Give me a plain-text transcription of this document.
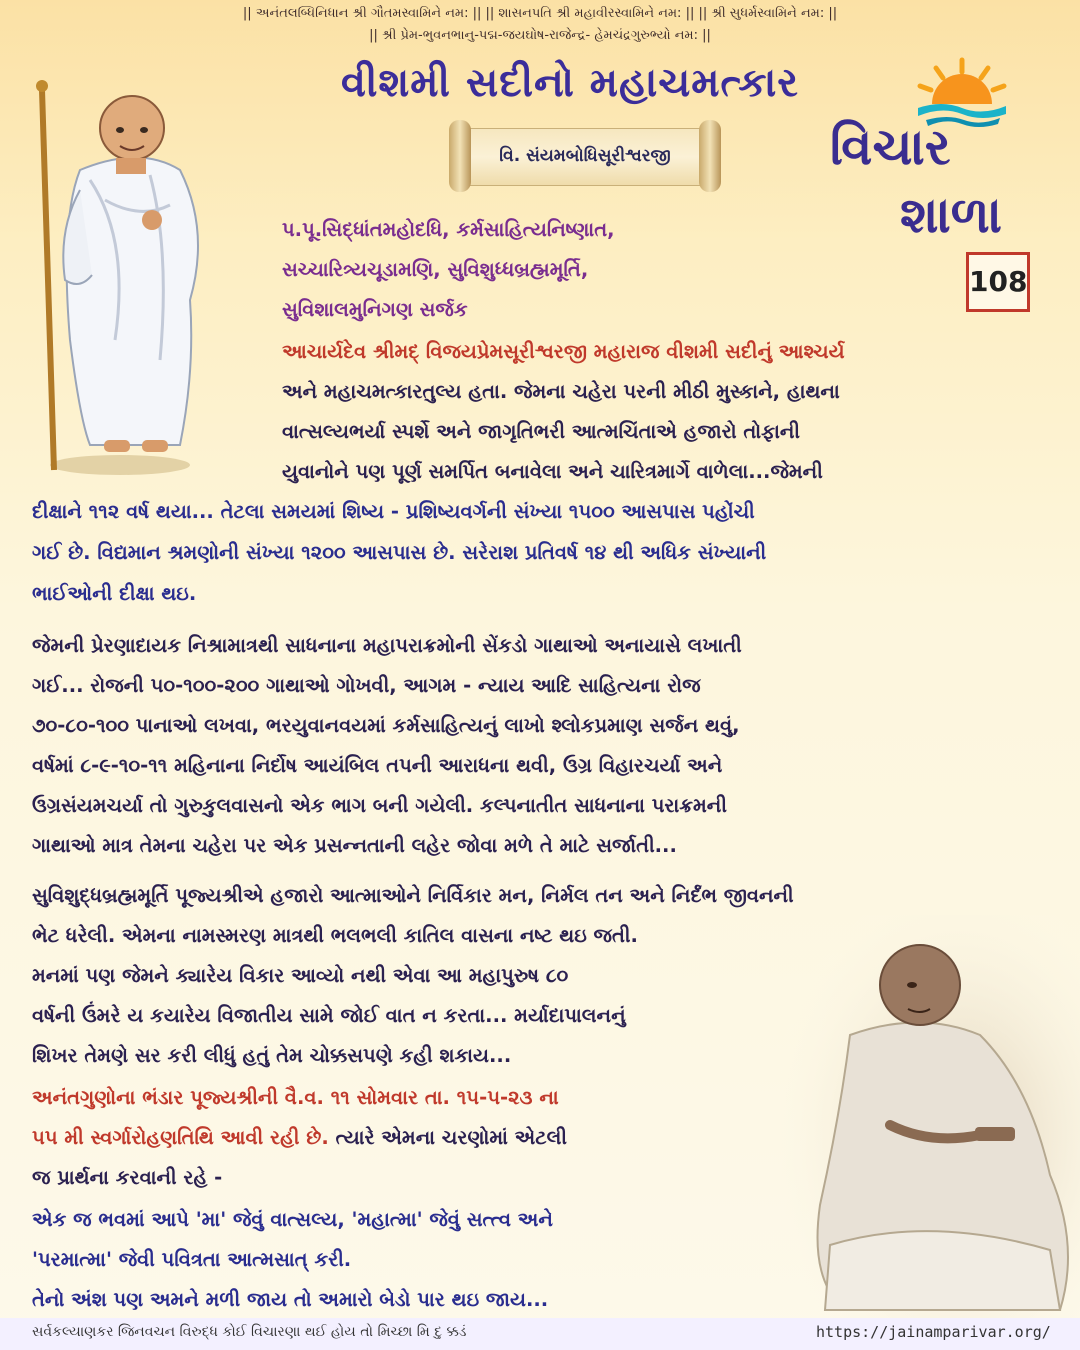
|| અનંતલબ્ધિનિધાન શ્રી ગૌતમસ્વામિને નમ: || || શાસનપતિ શ્રી મહાવીરસ્વામિને નમ: || || શ્રી સુધર્મસ્વામિને નમ: ||
|| શ્રી પ્રેમ-ભુવનભાનુ-પદ્મ-જયઘોષ-રાજેન્દ્ર- હેમચંદ્રગુરુભ્યો નમ: ||
વીશમી સદીનો મહાચમત્કાર
વિ. સંયમબોધિસૂરીશ્વરજી	વિચાર
શાળા
108
પ.પૂ.સિદ્ધાંતમહોદધિ, કર્મસાહિત્યનિષ્ણાત,
સચ્ચારિત્ર્યચૂડામણિ, સુવિશુધ્ધબ્રહ્મમૂર્તિ,
સુવિશાલમુનિગણ સર્જક
આચાર્યદેવ શ્રીમદ્ વિજયપ્રેમસૂરીશ્વરજી મહારાજ વીશમી સદીનું આશ્ચર્ય
અને મહાચમત્કારતુલ્ય હતા. જેમના ચહેરા પરની મીઠી મુસ્કાને, હાથના
વાત્સલ્યભર્યા સ્પર્શે અને જાગૃતિભરી આત્મચિંતાએ હજારો તોફાની
યુવાનોને પણ પૂર્ણ સમર્પિત બનાવેલા અને ચારિત્રમાર્ગે વાળેલા...જેમની
દીક્ષાને ૧૧૨ વર્ષ થયા... તેટલા સમયમાં શિષ્ય - પ્રશિષ્યવર્ગની સંખ્યા ૧૫૦૦ આસપાસ પહોંચી
ગઈ છે. વિદ્યમાન શ્રમણોની સંખ્યા ૧૨૦૦ આસપાસ છે. સરેરાશ પ્રતિવર્ષ ૧૪ થી અધિક સંખ્યાની
ભાઈઓની દીક્ષા થઇ.
જેમની પ્રેરણાદાયક નિશ્રામાત્રથી સાધનાના મહાપરાક્રમોની સેંકડો ગાથાઓ અનાયાસે લખાતી
ગઈ... રોજની ૫૦-૧૦૦-૨૦૦ ગાથાઓ ગોખવી, આગમ - ન્યાય આદિ સાહિત્યના રોજ
૭૦-૮૦-૧૦૦ પાનાઓ લખવા, ભરયુવાનવયમાં કર્મસાહિત્યનું લાખો શ્લોકપ્રમાણ સર્જન થવું,
વર્ષમાં ૮-૯-૧૦-૧૧ મહિનાના નિર્દોષ આયંબિલ તપની આરાધના થવી, ઉગ્ર વિહારચર્યા અને
ઉગ્રસંયમચર્યા તો ગુરુકુલવાસનો એક ભાગ બની ગયેલી. કલ્પનાતીત સાધનાના પરાક્રમની
ગાથાઓ માત્ર તેમના ચહેરા પર એક પ્રસન્નતાની લહેર જોવા મળે તે માટે સર્જાતી...
સુવિશુદ્ધબ્રહ્મમૂર્તિ પૂજ્યશ્રીએ હજારો આત્માઓને નિર્વિકાર મન, નિર્મલ તન અને નિર્દંભ જીવનની
ભેટ ધરેલી. એમના નામસ્મરણ માત્રથી ભલભલી કાતિલ વાસના નષ્ટ થઇ જતી.
મનમાં પણ જેમને ક્યારેય વિકાર આવ્યો નથી એવા આ મહાપુરુષ ૮૦
વર્ષની ઉંમરે ય કયારેય વિજાતીય સામે જોઈ વાત ન કરતા... મર્યાદાપાલનનું
શિખર તેમણે સર કરી લીધું હતું તેમ ચોક્કસપણે કહી શકાય...
અનંતગુણોના ભંડાર પૂજ્યશ્રીની વૈ.વ. ૧૧ સોમવાર તા. ૧૫-૫-૨૩ ના
૫૫ મી સ્વર્ગારોહણતિથિ આવી રહી છે. ત્યારે એમના ચરણોમાં એટલી
જ પ્રાર્થના કરવાની રહે -
એક જ ભવમાં આપે 'મા' જેવું વાત્સલ્ય, 'મહાત્મા' જેવું સત્ત્વ અને
'પરમાત્મા' જેવી પવિત્રતા આત્મસાત્ કરી.
તેનો અંશ પણ અમને મળી જાય તો અમારો બેડો પાર થઇ જાય...
સર્વકલ્યાણકર જિનવચન વિરુદ્ધ કોઈ વિચારણા થઈ હોય તો મિચ્છા મિ દુ ક્કડં	https://jainamparivar.org/
